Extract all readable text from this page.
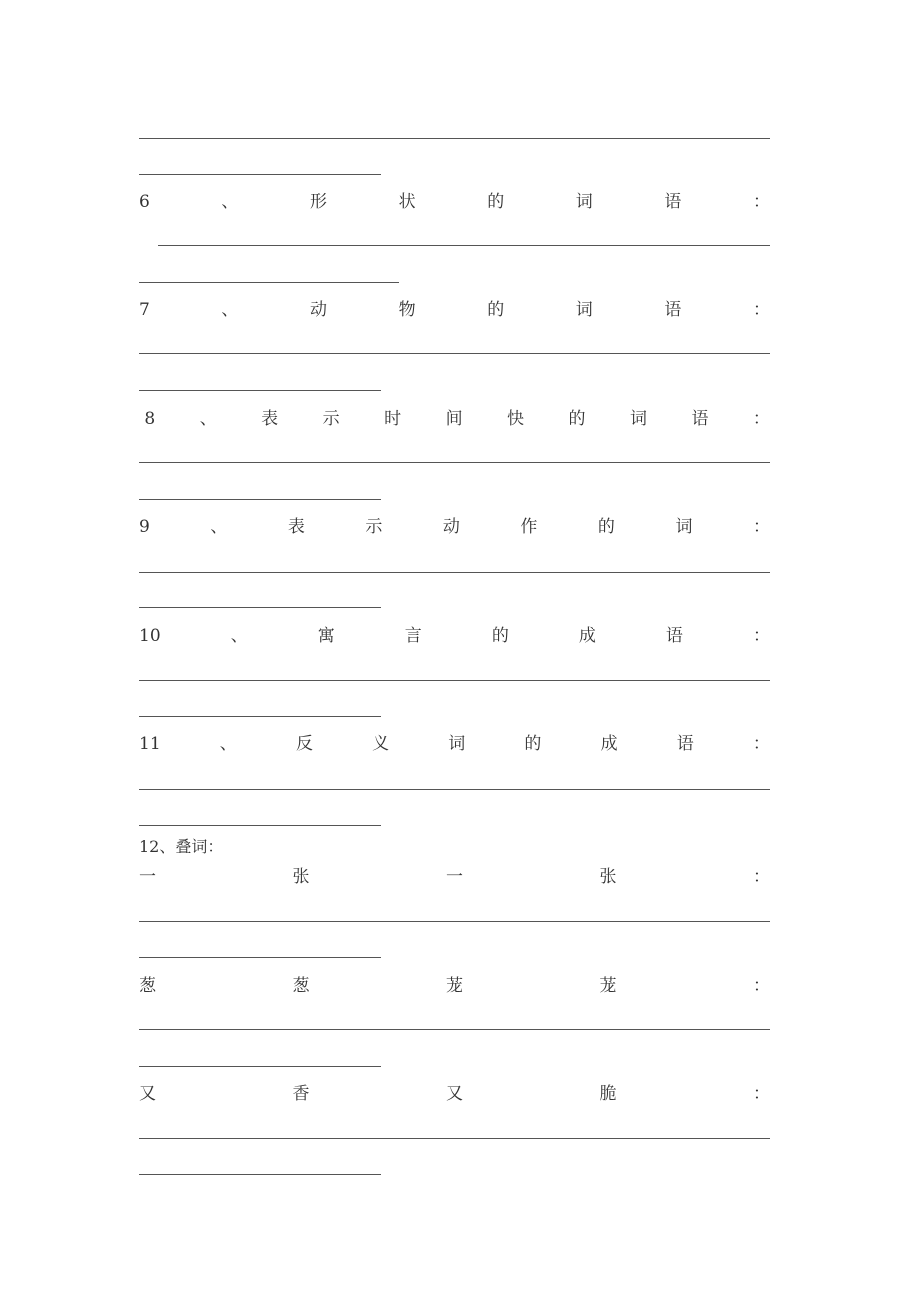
6	、	形	状	的	词	语	：
7	、	动	物	的	词	语	：
8	、	表	示	时	间	快	的	词	语	：
9	、	表	示	动	作	的	词	：
10	、	寓	言	的	成	语	：
11	、	反	义	词	的	成	语	：
12、叠词：
一	张	一	张	：
葱	葱	茏	茏	：
又	香	又	脆	：
